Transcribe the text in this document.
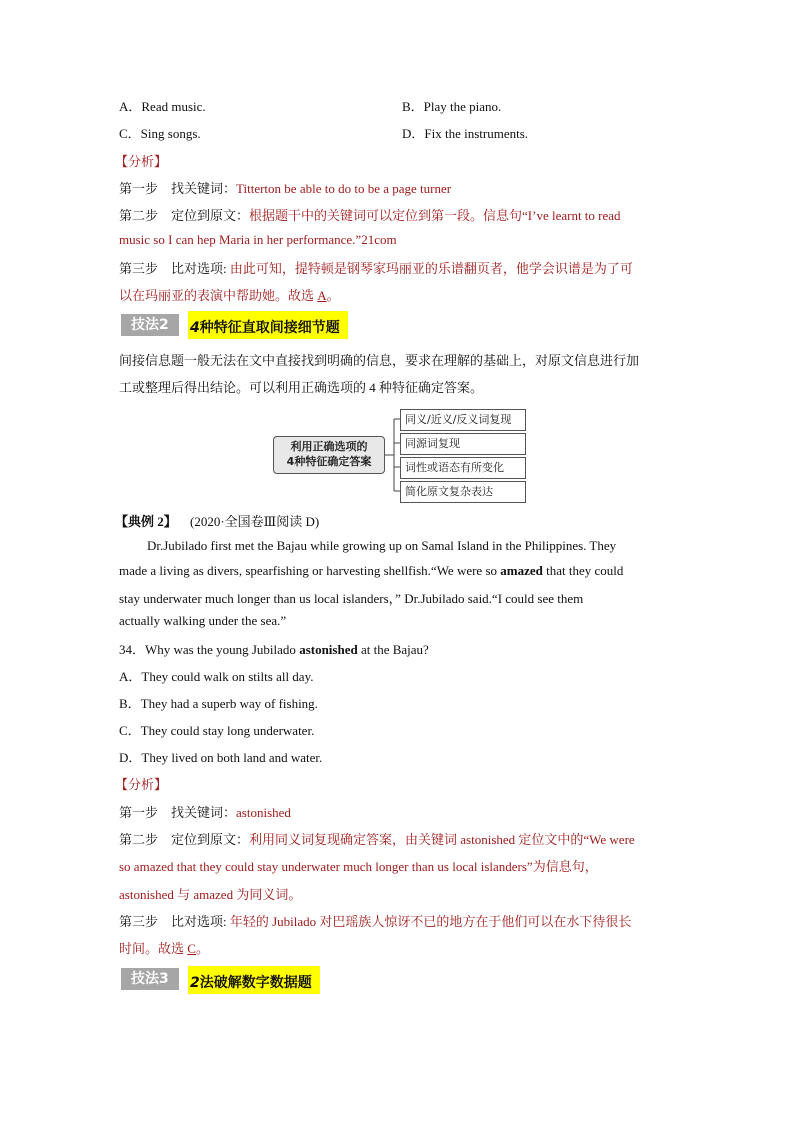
A．Read music.	B．Play the piano.
C．Sing songs.	D．Fix the instruments.
【分析】
第一步　找关键词：Titterton be able to do to be a page turner
第二步　定位到原文：根据题干中的关键词可以定位到第一段。信息句“I’ve learnt to read
music so I can hep Maria in her performance.”21com
第三步　比对选项: 由此可知，提特顿是钢琴家玛丽亚的乐谱翻页者，他学会识谱是为了可
以在玛丽亚的表演中帮助她。故选 A。
技法2	4种特征直取间接细节题
间接信息题一般无法在文中直接找到明确的信息，要求在理解的基础上，对原文信息进行加
工或整理后得出结论。可以利用正确选项的 4 种特征确定答案。
利用正确选项的
4种特征确定答案
同义/近义/反义词复现
同源词复现
词性或语态有所变化
简化原文复杂表达
【典例 2】 (2020·全国卷Ⅲ阅读 D)
Dr.Jubilado first met the Bajau while growing up on Samal Island in the Philippines. They
made a living as divers, spearfishing or harvesting shellfish.“We were so amazed that they could
stay underwater much longer than us local islanders，” Dr.Jubilado said.“I could see them
actually walking under the sea.”
34．Why was the young Jubilado astonished at the Bajau?
A．They could walk on stilts all day.
B．They had a superb way of fishing.
C．They could stay long underwater.
D．They lived on both land and water.
【分析】
第一步　找关键词：astonished
第二步　定位到原文：利用同义词复现确定答案，由关键词 astonished 定位文中的“We were
so amazed that they could stay underwater much longer than us local islanders”为信息句，
astonished 与 amazed 为同义词。
第三步　比对选项: 年轻的 Jubilado 对巴瑶族人惊讶不已的地方在于他们可以在水下待很长
时间。故选 C。
技法3	2法破解数字数据题
